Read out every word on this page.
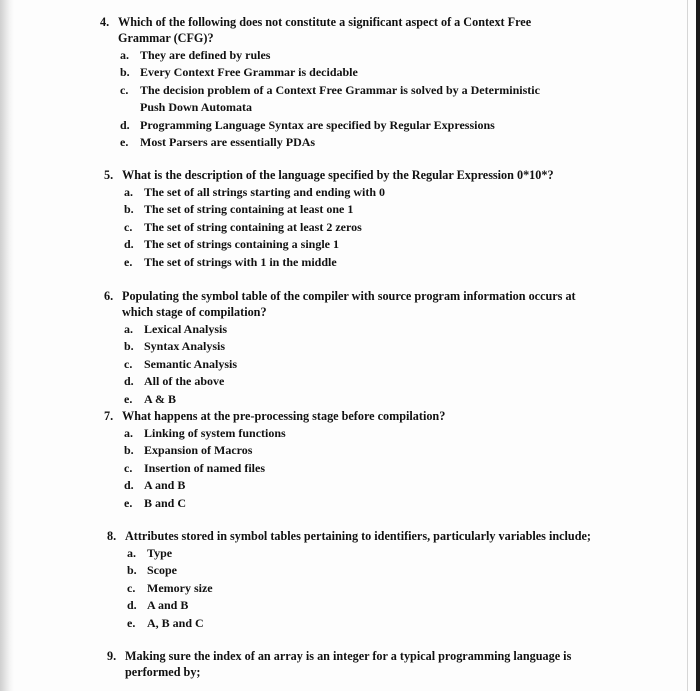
4. Which of the following does not constitute a significant aspect of a Context Free
Grammar (CFG)?
a. They are defined by rules
b. Every Context Free Grammar is decidable
c. The decision problem of a Context Free Grammar is solved by a Deterministic
Push Down Automata
d. Programming Language Syntax are specified by Regular Expressions
e. Most Parsers are essentially PDAs
5. What is the description of the language specified by the Regular Expression 0*10*?
a. The set of all strings starting and ending with 0
b. The set of string containing at least one 1
c. The set of string containing at least 2 zeros
d. The set of strings containing a single 1
e. The set of strings with 1 in the middle
6. Populating the symbol table of the compiler with source program information occurs at
which stage of compilation?
a. Lexical Analysis
b. Syntax Analysis
c. Semantic Analysis
d. All of the above
e. A & B
7. What happens at the pre-processing stage before compilation?
a. Linking of system functions
b. Expansion of Macros
c. Insertion of named files
d. A and B
e. B and C
8. Attributes stored in symbol tables pertaining to identifiers, particularly variables include;
a. Type
b. Scope
c. Memory size
d. A and B
e. A, B and C
9. Making sure the index of an array is an integer for a typical programming language is
performed by;
